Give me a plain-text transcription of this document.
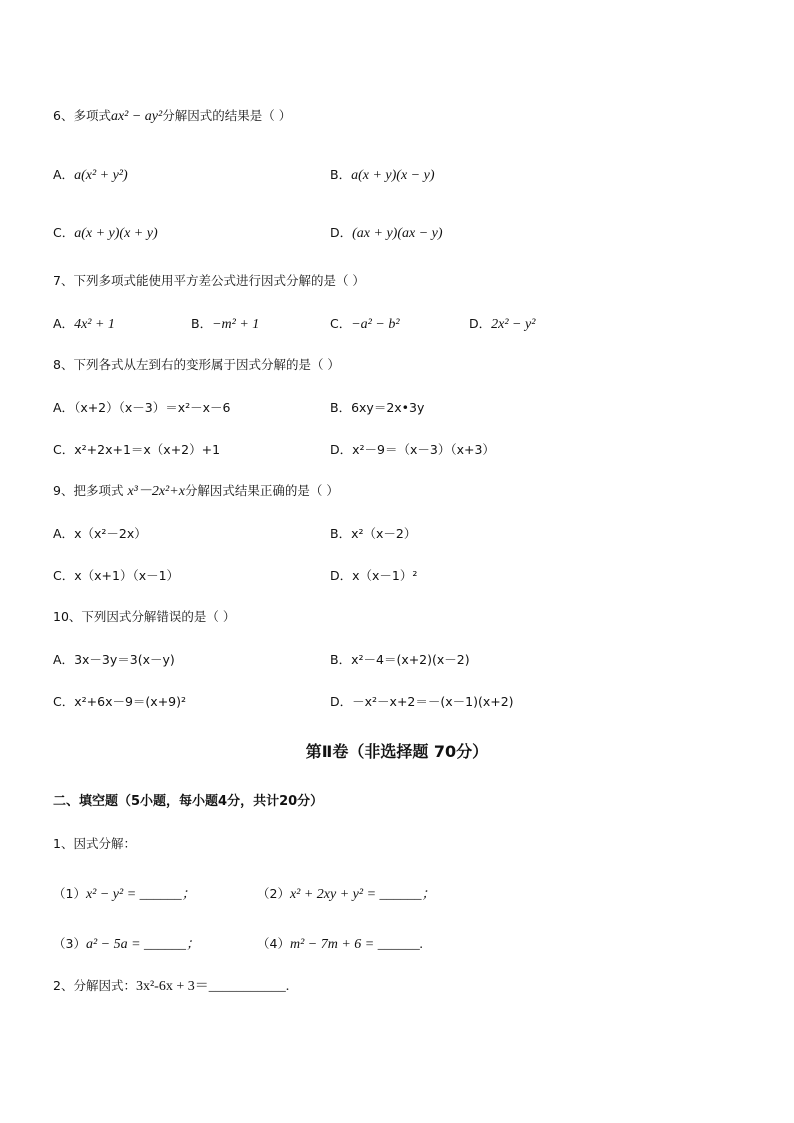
6、多项式ax² − ay²分解因式的结果是（ ）
A．a(x² + y²)	B．a(x + y)(x − y)
C．a(x + y)(x + y)	D．(ax + y)(ax − y)
7、下列多项式能使用平方差公式进行因式分解的是（ ）
A．4x² + 1	B．−m² + 1	C．−a² − b²	D．2x² − y²
8、下列各式从左到右的变形属于因式分解的是（ ）
A．（x+2）（x－3）＝x²－x－6	B．6xy＝2x•3y
C．x²+2x+1＝x（x+2）+1	D．x²－9＝（x－3）（x+3）
9、把多项式 x³－2x²+x分解因式结果正确的是（ ）
A．x（x²－2x）	B．x²（x－2）
C．x（x+1）（x－1）	D．x（x－1）²
10、下列因式分解错误的是（ ）
A．3x－3y＝3(x－y)	B．x²－4＝(x+2)(x－2)
C．x²+6x－9＝(x+9)²	D．－x²－x+2＝－(x－1)(x+2)
第Ⅱ卷（非选择题 70分）
二、填空题（5小题，每小题4分，共计20分）
1、因式分解：
（1）x² − y² = ______；	（2）x² + 2xy + y² = ______；
（3）a² − 5a = ______；	（4）m² − 7m + 6 = ______.
2、分解因式：3x²-6x + 3＝___________.
